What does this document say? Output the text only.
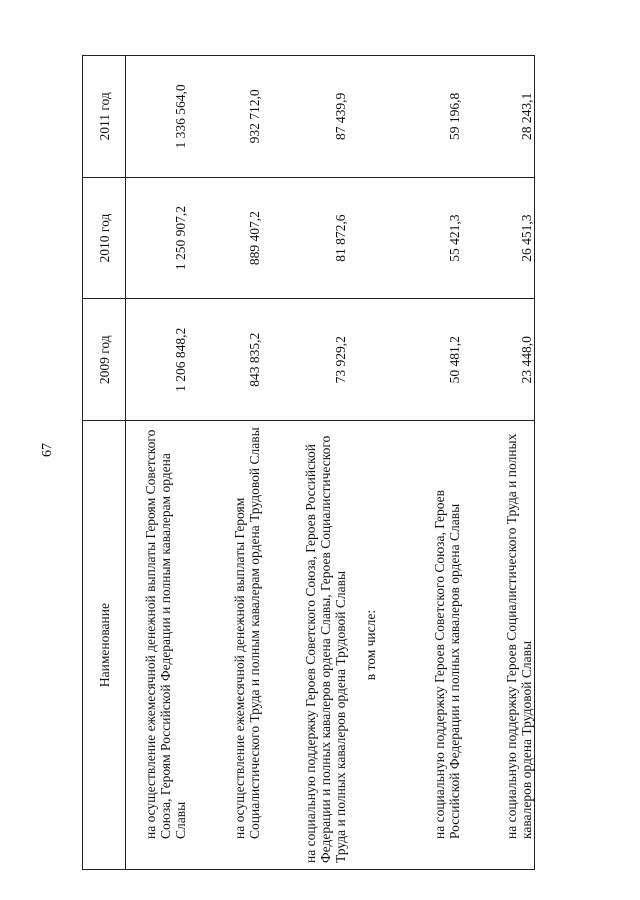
67
Наименование	2009 год	2010 год	2011 год

на осуществление ежемесячной денежной выплаты Героям Советского Союза, Героям Российской Федерации и полным кавалерам ордена Славы	1 206 848,2	1 250 907,2	1 336 564,0

на осуществление ежемесячной денежной выплаты Героям Социалистического Труда и полным кавалерам ордена Трудовой Славы	843 835,2	889 407,2	932 712,0

на социальную поддержку Героев Советского Союза, Героев Российской Федерации и полных кавалеров ордена Славы, Героев Социалистического Труда и полных кавалеров ордена Трудовой Славы	73 929,2	81 872,6	87 439,9
в том числе:			

на социальную поддержку Героев Советского Союза, Героев Российской Федерации и полных кавалеров ордена Славы	50 481,2	55 421,3	59 196,8

на социальную поддержку Героев Социалистического Труда и полных кавалеров ордена Трудовой Славы	23 448,0	26 451,3	28 243,1
